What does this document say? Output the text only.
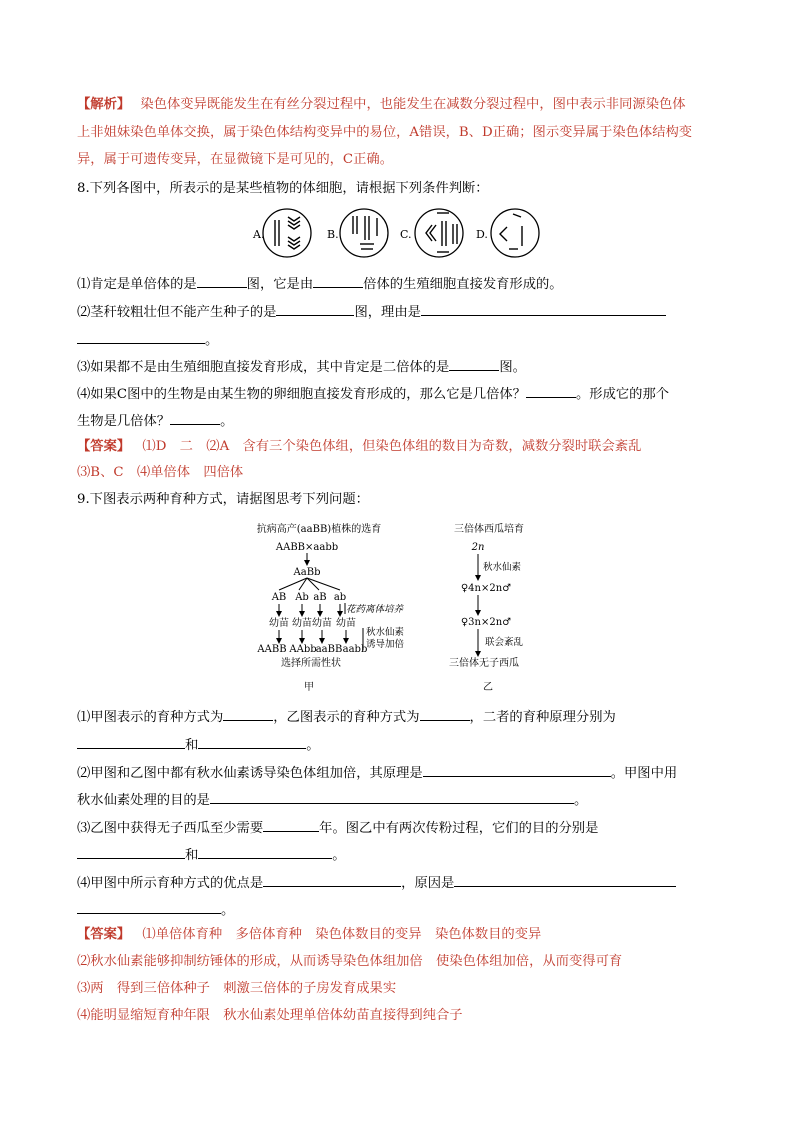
【解析】 染色体变异既能发生在有丝分裂过程中，也能发生在减数分裂过程中，图中表示非同源染色体
上非姐妹染色单体交换，属于染色体结构变异中的易位，A错误，B、D正确；图示变异属于染色体结构变
异，属于可遗传变异，在显微镜下是可见的，C正确。
8.下列各图中，所表示的是某些植物的体细胞，请根据下列条件判断：
A.	B.	C.	D.
⑴肯定是单倍体的是	图，它是由	倍体的生殖细胞直接发育形成的。
⑵茎秆较粗壮但不能产生种子的是	图，理由是
。
⑶如果都不是由生殖细胞直接发育形成，其中肯定是二倍体的是	图。
⑷如果C图中的生物是由某生物的卵细胞直接发育形成的，那么它是几倍体？	。形成它的那个
生物是几倍体？	。
【答案】 ⑴D　二　⑵A　含有三个染色体组，但染色体组的数目为奇数，减数分裂时联会紊乱
⑶B、C　⑷单倍体　四倍体
9.下图表示两种育种方式，请据图思考下列问题：
抗病高产(aaBB)植株的选育
AABB×aabb
AaBb
AB Ab aB ab
花药离体培养
幼苗 幼苗 幼苗 幼苗
秋水仙素
诱导加倍
AABB AAbb aaBB aabb
选择所需性状
甲
三倍体西瓜培育
2n
秋水仙素
♀4n×2n♂
♀3n×2n♂
联会紊乱
三倍体无子西瓜
乙
⑴甲图表示的育种方式为	，乙图表示的育种方式为	，二者的育种原理分别为
和	。
⑵甲图和乙图中都有秋水仙素诱导染色体组加倍，其原理是	。甲图中用
秋水仙素处理的目的是	。
⑶乙图中获得无子西瓜至少需要	年。图乙中有两次传粉过程，它们的目的分别是
和	。
⑷甲图中所示育种方式的优点是	，原因是
。
【答案】 ⑴单倍体育种　多倍体育种　染色体数目的变异　染色体数目的变异
⑵秋水仙素能够抑制纺锤体的形成，从而诱导染色体组加倍　使染色体组加倍，从而变得可育
⑶两　得到三倍体种子　刺激三倍体的子房发育成果实
⑷能明显缩短育种年限　秋水仙素处理单倍体幼苗直接得到纯合子
